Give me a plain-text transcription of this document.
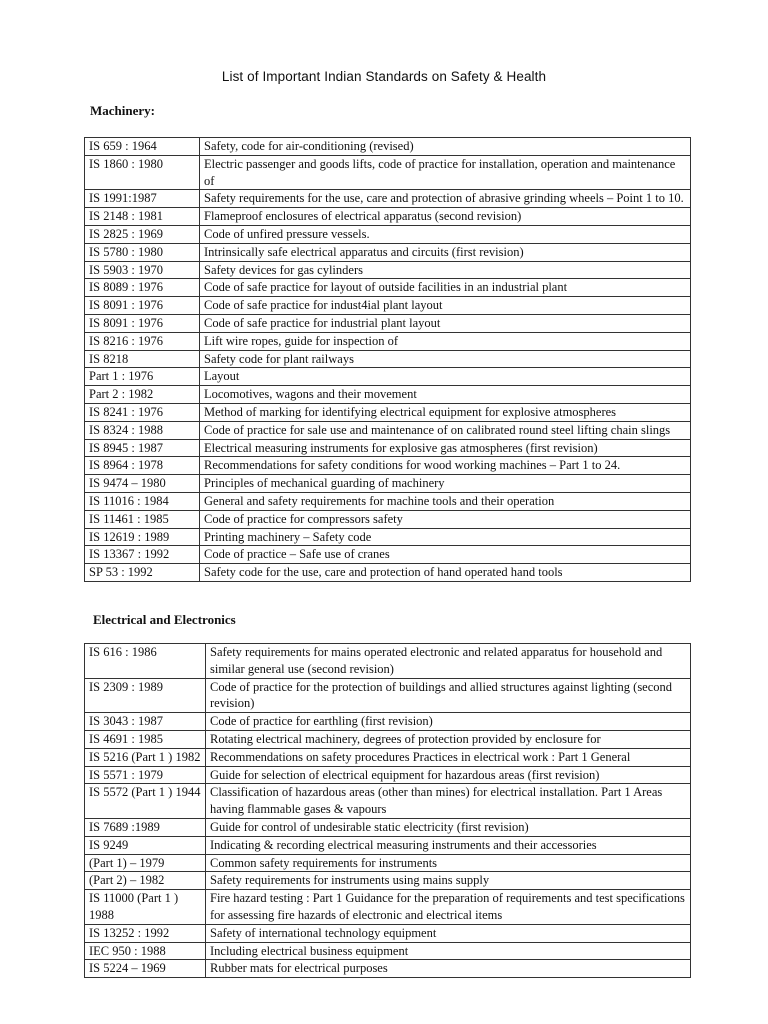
List of Important Indian Standards on Safety & Health
Machinery:
IS 659 : 1964	Safety, code for air-conditioning (revised)
IS 1860 : 1980	Electric passenger and goods lifts, code of practice for installation, operation and maintenance of
IS 1991:1987	Safety requirements for the use, care and protection of abrasive grinding wheels – Point 1 to 10.
IS 2148 : 1981	Flameproof enclosures of electrical apparatus (second revision)
IS 2825 : 1969	Code of unfired pressure vessels.
IS 5780 : 1980	Intrinsically safe electrical apparatus and circuits (first revision)
IS 5903 : 1970	Safety devices for gas cylinders
IS 8089 : 1976	Code of safe practice for layout of outside facilities in an industrial plant
IS 8091 : 1976	Code of safe practice for indust4ial plant layout
IS 8091 : 1976	Code of safe practice for industrial plant layout
IS 8216 : 1976	Lift wire ropes, guide for inspection of
IS 8218	Safety code for plant railways
Part 1 : 1976	Layout
Part 2 : 1982	Locomotives, wagons and their movement
IS 8241 : 1976	Method of marking for identifying electrical equipment for explosive atmospheres
IS 8324 : 1988	Code of practice for sale use and maintenance of on calibrated round steel lifting chain slings
IS 8945 : 1987	Electrical measuring instruments for explosive gas atmospheres (first revision)
IS 8964 : 1978	Recommendations for safety conditions for wood working machines – Part 1 to 24.
IS 9474 – 1980	Principles of mechanical guarding of machinery
IS 11016 : 1984	General and safety requirements for machine tools and their operation
IS 11461 : 1985	Code of practice for compressors safety
IS 12619 : 1989	Printing machinery – Safety code
IS 13367 : 1992	Code of practice – Safe use of cranes
SP 53 : 1992	Safety code for the use, care and protection of hand operated hand tools
Electrical and Electronics
IS 616 : 1986	Safety requirements for mains operated electronic and related apparatus for household and similar general use (second revision)
IS 2309 : 1989	Code of practice for the protection of buildings and allied structures against lighting (second revision)
IS 3043 : 1987	Code of practice for earthling (first revision)
IS 4691 : 1985	Rotating electrical machinery, degrees of protection provided by enclosure for
IS 5216 (Part 1 ) 1982	Recommendations on safety procedures Practices in electrical work : Part 1 General
IS 5571 : 1979	Guide for selection of electrical equipment for hazardous areas (first revision)
IS 5572 (Part 1 ) 1944	Classification of hazardous areas (other than mines) for electrical installation. Part 1 Areas having flammable gases & vapours
IS 7689 :1989	Guide for control of undesirable static electricity (first revision)
IS 9249	Indicating & recording electrical measuring instruments and their accessories
(Part 1) – 1979	Common safety requirements for instruments
(Part 2) – 1982	Safety requirements for instruments using mains supply
IS 11000 (Part 1 ) 1988	Fire hazard testing : Part 1 Guidance for the preparation of requirements and test specifications for assessing fire hazards of electronic and electrical items
IS 13252 : 1992	Safety of international technology equipment
IEC 950 : 1988	Including electrical business equipment
IS 5224 – 1969	Rubber mats for electrical purposes
